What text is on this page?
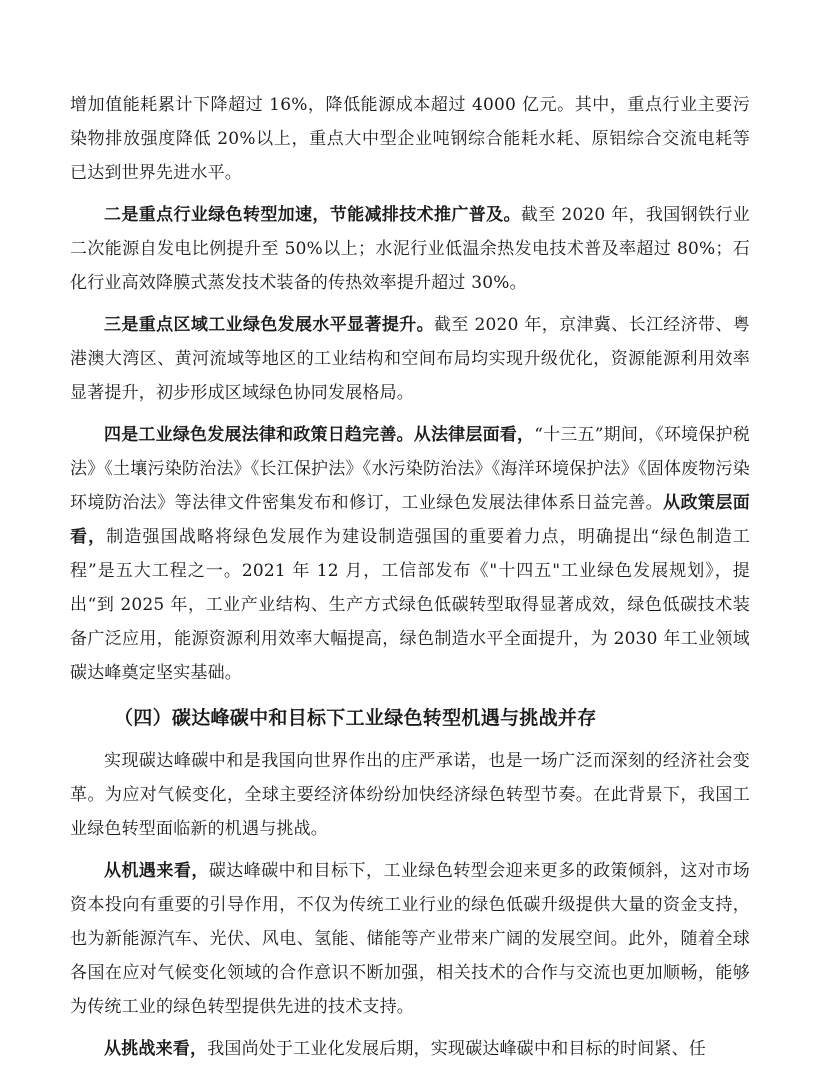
增加值能耗累计下降超过 16%，降低能源成本超过 4000 亿元。其中，重点行业主要污染物排放强度降低 20%以上，重点大中型企业吨钢综合能耗水耗、原铝综合交流电耗等已达到世界先进水平。

二是重点行业绿色转型加速，节能减排技术推广普及。截至 2020 年，我国钢铁行业二次能源自发电比例提升至 50%以上；水泥行业低温余热发电技术普及率超过 80%；石化行业高效降膜式蒸发技术装备的传热效率提升超过 30%。

三是重点区域工业绿色发展水平显著提升。截至 2020 年，京津冀、长江经济带、粤港澳大湾区、黄河流域等地区的工业结构和空间布局均实现升级优化，资源能源利用效率显著提升，初步形成区域绿色协同发展格局。

四是工业绿色发展法律和政策日趋完善。从法律层面看，“十三五”期间，《环境保护税法》《土壤污染防治法》《长江保护法》《水污染防治法》《海洋环境保护法》《固体废物污染环境防治法》等法律文件密集发布和修订，工业绿色发展法律体系日益完善。从政策层面看，制造强国战略将绿色发展作为建设制造强国的重要着力点，明确提出“绿色制造工程”是五大工程之一。2021 年 12 月，工信部发布《"十四五"工业绿色发展规划》，提出“到 2025 年，工业产业结构、生产方式绿色低碳转型取得显著成效，绿色低碳技术装备广泛应用，能源资源利用效率大幅提高，绿色制造水平全面提升，为 2030 年工业领域碳达峰奠定坚实基础。

（四）碳达峰碳中和目标下工业绿色转型机遇与挑战并存

实现碳达峰碳中和是我国向世界作出的庄严承诺，也是一场广泛而深刻的经济社会变革。为应对气候变化，全球主要经济体纷纷加快经济绿色转型节奏。在此背景下，我国工业绿色转型面临新的机遇与挑战。

从机遇来看，碳达峰碳中和目标下，工业绿色转型会迎来更多的政策倾斜，这对市场资本投向有重要的引导作用，不仅为传统工业行业的绿色低碳升级提供大量的资金支持，也为新能源汽车、光伏、风电、氢能、储能等产业带来广阔的发展空间。此外，随着全球各国在应对气候变化领域的合作意识不断加强，相关技术的合作与交流也更加顺畅，能够为传统工业的绿色转型提供先进的技术支持。

从挑战来看，我国尚处于工业化发展后期，实现碳达峰碳中和目标的时间紧、任
